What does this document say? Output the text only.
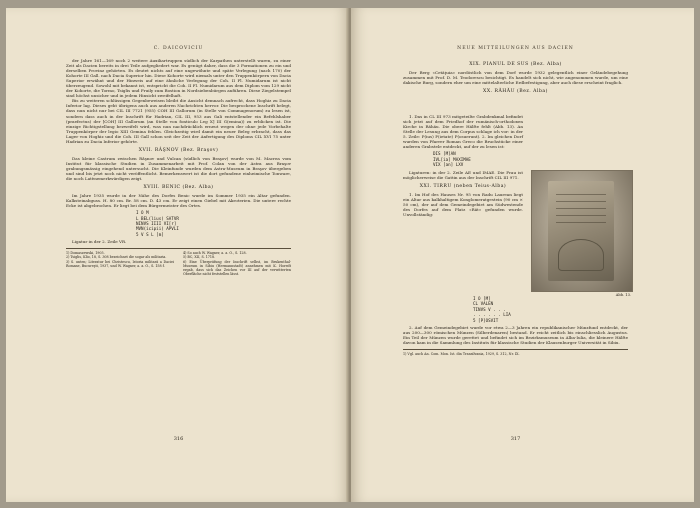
C. DAICOVICIU

der Jahre 161—169 noch 2 weitere Auxiliartruppen südlich der Karpathen unterstellt waren, zu einer Zeit als Dacien bereits in drei Teile aufgegliedert war. Es genügt daher, dass die 3 Formationen zu ein und derselben Provinz gehörten. Es deutet nichts auf eine ungewöhnte und späte Verlegung (nach 170) der Kohorte III Gall. nach Dacia Superior hin. Diese Kohorte wird niemals unter den Truppenkörpern von Dacia Superior erwähnt und der Hinweis auf eine ähnliche Verlegung der Coh. II Fl. Numidarum ist nicht überzeugend. Sowohl mit bekannt ist, entspricht die Coh. II Fl. Numidarum aus dem Diplom vom 129 nicht der Kohorte, die Tormo, Tsiglis und Fruily zum Bostion in Nordsiebenbürgen anführen. Diese Ziegelstempel sind höchst unsicher und in jedem Hinsicht zweifelhaft.

Bis zu weiteren schlüssigen Gegenbeweisen bleibt die Ansicht demnach aufrecht, dass Hoghiz zu Dacia Inferior lag. Dieses geht übrigens auch aus anderen Nachrichten hervor. Die besprochene Inschrift belegt, dass nun nicht nur bei CIL III 7721 (955) COH III Gallorum (in Stelle von Commagenorum) zu lesen ist, sondern dass auch in der Inschrift für Hadrian, CIL III, 953 aus Gali entstellender ein Befehlshaber (praefectus) der [COH] III Gallorum (an Stelle von fonticulo Leg X] III G(emina)) zu erblicken ist. Die einzige Richtigstellung bezweifelt wird, was nun nachdrücklich erneut wegen der ohne jede Vorbehalte Truppenkörper der legio XIII Gemina fehlen. Gleichzeitig wird damit ein neuer Beleg erbracht, dass das Lager von Hoghiz und die Coh. III Gall schon seit der Zeit der Anfertigung des Diploms CIL XVI 75 unter Hadrian zu Dacia Inferior gehörte.

XVII. RÂŞNOV (Bez. Braşov)

Das kleine Castrum zwischen Râşnov und Vulcan (südlich von Braşov) wurde von M. Macrea vom Institut für klassische Studien in Zusammenarbeit mit Prof. Colan von der Astra aus Braşov grabungsmässig eingehend untersucht. Die Kleinfunde wurden dem Astra-Museum in Braşov übergeben und sind bis jetzt noch nicht veröffentlicht. Bemerkenswert ist die dort gefundene einheimische Tonware, die noch Latènemerkwürdigen zeigt.

XVIII. BENIC (Bez. Alba)

Im Jahre 1935 wurde in der Nähe des Dorfes Benic wurde im Sommer 1935 ein Altar gefunden. Kalksteinabguss. H. 80 cm. Br. 58 cm. D. 43 cm. Er zeigt einen Giebel mit Akroterien. Die untere rechte Ecke ist abgebrochen. Er liegt bei dem Bürgermeister des Ortes.

I O M
L BEL(lius) SATVR
NINVS IIII VI[r]
MVN(icipii) APVLI
5 V S L [m]

Ligatur in der 2. Zeile VR.

1) Domaszewski, 1905.
2) Tsiglis, Klio, 18, S. 308 bezeichnet die sogar als militaria.
3) S. unten; Literatur bei Christescu, Istoria militară a Daciei Romane, Bucureşti, 1937, und W. Wagner, a. a. O., S. 158 f.
4) So auch W. Wagner, a. a. O., S. 128.
5) BC, XII, S. 1718.
6) Eine Überprüfung der Inschrift selbst, im Brukenthal-Museum in Sibiu (Hermannstadt) annehmen mit K. Horedt ergab, dass sich das Zeichen vor III auf der verwitterten Oberfläche nicht feststellen lässt.
316
NEUE MITTEILUNGEN AUS DACIEN
XIX. PIANUL DE SUS (Bez. Alba)

Der Berg «Cetăţuia» nordöstlich von dem Dorf wurde 1932 gelegentlich einer Geländebegehung zusammen mit Prof. D. M. Teodorescu besichtigt. Es handelt sich nicht, wie angenommen wurde, um eine dakische Burg, sondern eher um eine mittelalterliche Erdbefestigung, aber auch diese erscheint fraglich.

XX. RĂHĂU (Bez. Alba)

1. Das in CL III 973 mitgeteilte Grabdenkmal befindet sich jetzt auf dem Friedhof der rumänisch-orthodoxen Kirche in Răhău. Die obere Hälfte fehlt (Abb. 13). An Stelle der Lesung aus dem Corpus schlage ich vor: in der 5. Zeile: P(ius) P(ietate) P(osuerunt). 2. Im gleichen Dorf wurden von Pfarrer Roman Greco die Bruchstücke einer anderen Grabstele entdeckt, auf der zu lesen ist:

DIS [M]AN
IVL[ia] MAXIMAE
VIX [an] LXV

Ligaturen: in der 2. Zeile AE und IMAE. Die Frau ist möglicherweise die Gattin aus der Inschrift CIL III 971.

XXI. TIRRU (neben Teius-Alba)

1. Im Hof des Hauses Nr. 95 von Radu Laurean liegt ein Altar aus kalkhaltigem Konglomeratgestein (90 cm × 50 cm), der auf dem Gemeindegebiet am Südwestende des Dorfes auf dem Platz «Răt» gefunden wurde. Unvollständig:

I O [M]
CL VALEN
TINVS V . . .
. . . . . . LIA
5 [P]OSVIT

2. Auf dem Gemeindegebiet wurde vor etwa 2—3 Jahren ein republikanischer Münzfund entdeckt, der aus 200—300 römischen Münzen (Silberdenaren) bestand. Er reicht zeitlich bis einschliesslich Augustus. Ein Teil der Münzen wurde gerettet und befindet sich im Bezirksmuseum in Alba-Iulia, die kleinere Hälfte davon kam in die Sammlung des Instituts für klassische Studien der Klausenburger Universität in Sibiu.

1) Vgl. auch An. Com. Mon. Ist. din Transilvania, 1929, S. 312, Nr. IX.
Abb. 13.
317
